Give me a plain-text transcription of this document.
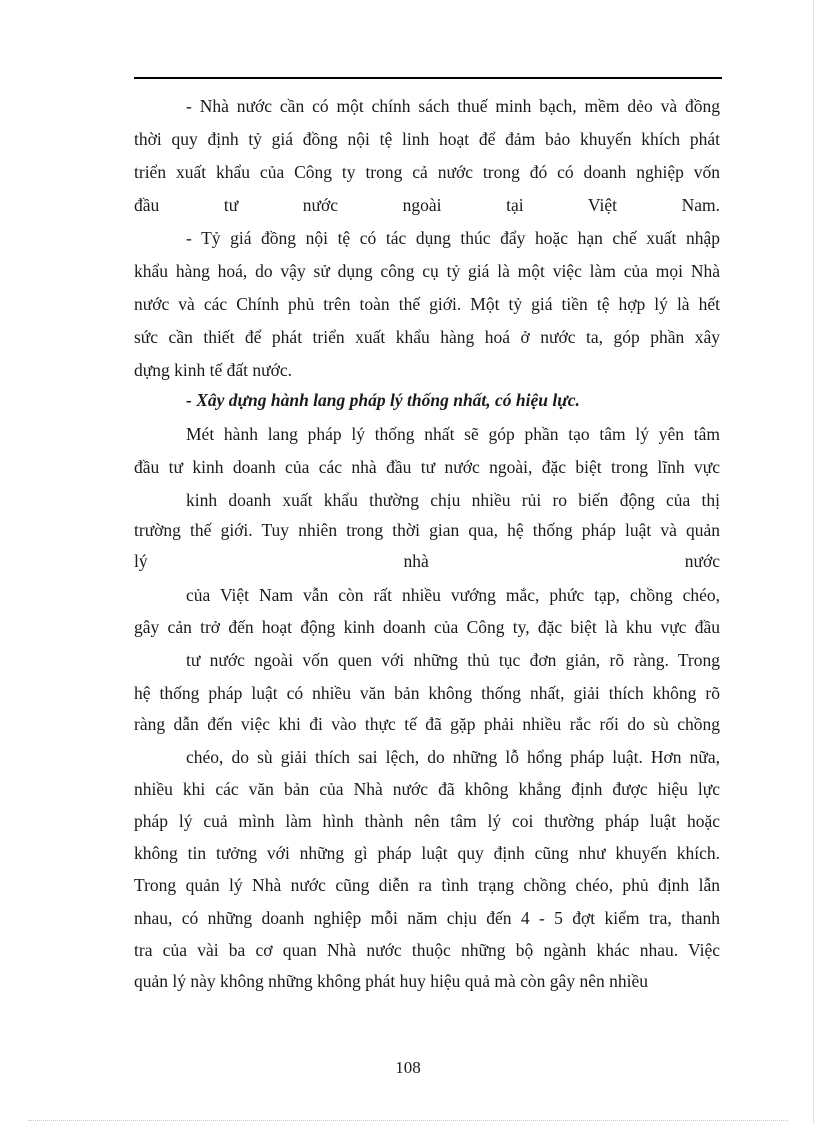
- Nhà nước cần có một chính sách thuế minh bạch, mềm dẻo và đồng
thời quy định tỷ giá đồng nội tệ linh hoạt để đảm bảo khuyến khích phát
triển xuất khẩu của Công ty trong cả nước trong đó có doanh nghiệp vốn
đầu tư nước ngoài tại Việt Nam.
- Tỷ giá đồng nội tệ có tác dụng thúc đẩy hoặc hạn chế xuất nhập
khẩu hàng hoá, do vậy sử dụng công cụ tỷ giá là một việc làm của mọi Nhà
nước và các Chính phủ trên toàn thế giới. Một tỷ giá tiền tệ hợp lý là hết
sức cần thiết để phát triển xuất khẩu hàng hoá ở nước ta, góp phần xây
dựng kinh tế đất nước.
- Xây dựng hành lang pháp lý thống nhất, có hiệu lực.
Mét hành lang pháp lý thống nhất sẽ góp phần tạo tâm lý yên tâm
đầu tư kinh doanh của các nhà đầu tư nước ngoài, đặc biệt trong lĩnh vực
kinh doanh xuất khẩu thường chịu nhiều rủi ro biến động của thị
trường thế giới. Tuy nhiên trong thời gian qua, hệ thống pháp luật và quản
lý nhà nước
của Việt Nam vẫn còn rất nhiều vướng mắc, phức tạp, chồng chéo,
gây cản trở đến hoạt động kinh doanh của Công ty, đặc biệt là khu vực đầu
tư nước ngoài vốn quen với những thủ tục đơn giản, rõ ràng. Trong
hệ thống pháp luật có nhiều văn bản không thống nhất, giải thích không rõ
ràng dẫn đến việc khi đi vào thực tế đã gặp phải nhiều rắc rối do sù chồng
chéo, do sù giải thích sai lệch, do những lỗ hổng pháp luật. Hơn nữa,
nhiều khi các văn bản của Nhà nước đã không khẳng định được hiệu lực
pháp lý cuả mình làm hình thành nên tâm lý coi thường pháp luật hoặc
không tin tưởng với những gì pháp luật quy định cũng như khuyến khích.
Trong quản lý Nhà nước cũng diễn ra tình trạng chồng chéo, phủ định lẫn
nhau, có những doanh nghiệp mỗi năm chịu đến 4 - 5 đợt kiểm tra, thanh
tra của vài ba cơ quan Nhà nước thuộc những bộ ngành khác nhau. Việc
quản lý này không những không phát huy hiệu quả mà còn gây nên nhiều
108
